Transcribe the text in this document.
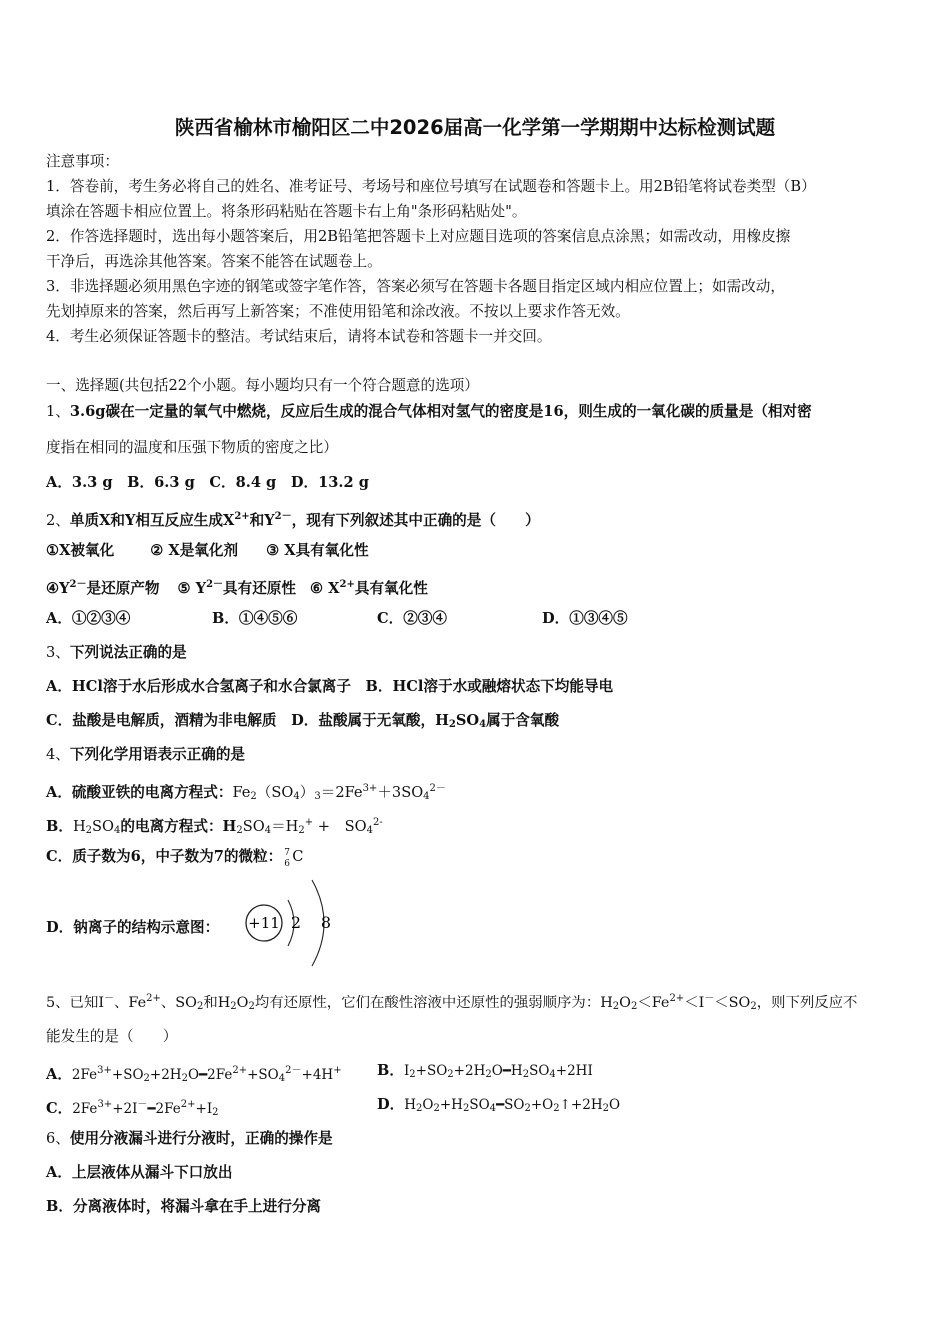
陕西省榆林市榆阳区二中2026届高一化学第一学期期中达标检测试题
注意事项：
1．答卷前，考生务必将自己的姓名、准考证号、考场号和座位号填写在试题卷和答题卡上。用2B铅笔将试卷类型（B）
填涂在答题卡相应位置上。将条形码粘贴在答题卡右上角"条形码粘贴处"。
2．作答选择题时，选出每小题答案后，用2B铅笔把答题卡上对应题目选项的答案信息点涂黑；如需改动，用橡皮擦
干净后，再选涂其他答案。答案不能答在试题卷上。
3．非选择题必须用黑色字迹的钢笔或签字笔作答，答案必须写在答题卡各题目指定区域内相应位置上；如需改动，
先划掉原来的答案，然后再写上新答案；不准使用铅笔和涂改液。不按以上要求作答无效。
4．考生必须保证答题卡的整洁。考试结束后，请将本试卷和答题卡一并交回。
一、选择题(共包括22个小题。每小题均只有一个符合题意的选项）
1、3.6g碳在一定量的氧气中燃烧，反应后生成的混合气体相对氢气的密度是16，则生成的一氧化碳的质量是（相对密
度指在相同的温度和压强下物质的密度之比）
A．3.3 g　B．6.3 g　C．8.4 g　D．13.2 g
2、单质X和Y相互反应生成$X^{2+}$和$Y^{2-}$，现有下列叙述其中正确的是（　　）
①X被氧化 ② X是氧化剂 ③ X具有氧化性
$④Y^{2-}$是还原产物 ⑤ $Y^{2-}$具有还原性 ⑥ $X^{2+}$具有氧化性
A．①②③④	B．①④⑤⑥	C．②③④	D．①③④⑤
3、下列说法正确的是
A．HCl溶于水后形成水合氢离子和水合氯离子　B．HCl溶于水或融熔状态下均能导电
C．盐酸是电解质，酒精为非电解质　D．盐酸属于无氧酸，$H_2SO_4$属于含氧酸
4、下列化学用语表示正确的是
A．硫酸亚铁的电离方程式：$Fe_2(SO_4)_3=2Fe^{3+}+3SO_4^{2-}$
B．$H_2SO_4$的电离方程式：$H_2SO_4=H_2^+$ +　$SO_4^{2-}$
C．质子数为6，中子数为7的微粒： 7
6 C
D．钠离子的结构示意图： +11 2 8
5、已知I－、$Fe^{2+}$、$SO_2$和$H_2O_2$均有还原性，它们在酸性溶液中还原性的强弱顺序为：$H_2O_2<Fe^{2+}<I^-<SO_2$，则下列反应不
能发生的是（　　）
A．$2Fe^{3+}+SO_2+2H_2O━2Fe^{2+}+SO_4^{2-}+4H^+$ B．$I_2+SO_2+2H_2O━H_2SO_4+2HI$
C．$2Fe^{3+}+2I^-━2Fe^{2+}+I_2$	D．$H_2O_2+H_2SO_4━SO_2+O_2↑+2H_2O$
6、使用分液漏斗进行分液时，正确的操作是
A．上层液体从漏斗下口放出
B．分离液体时，将漏斗拿在手上进行分离
